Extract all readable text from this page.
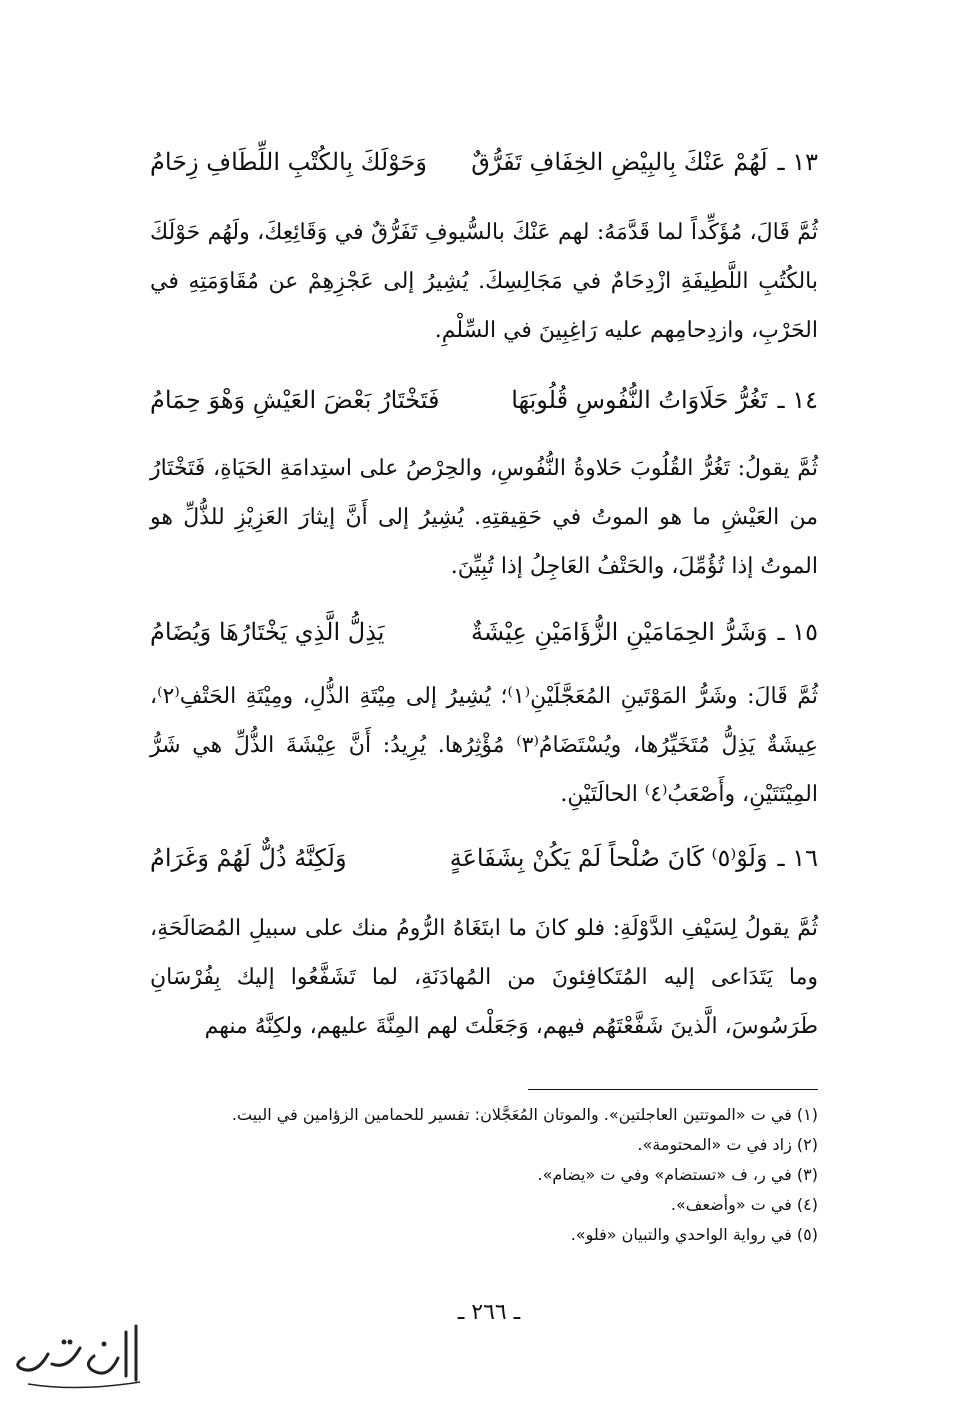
١٣ ـ
لَهُمْ عَنْكَ بِالبِيْضِ الخِفَافِ تَفَرُّقٌ
وَحَوْلَكَ بِالكُتْبِ اللِّطَافِ زِحَامُ

ثُمَّ قَالَ، مُؤَكِّداً لما قَدَّمَهُ: لهم عَنْكَ بالسُّيوفِ تَفَرُّقٌ في وَقَائِعِكَ، ولَهُم حَوْلَكَ بالكُتُبِ اللَّطِيفَةِ ازْدِحَامٌ في مَجَالِسِكَ. يُشِيرُ إلى عَجْزِهِمْ عن مُقَاوَمَتِهِ في الحَرْبِ، وازدِحامِهم عليه رَاغِبِينَ في السِّلْمِ.

١٤ ـ
تَغُرُّ حَلَاوَاتُ النُّفُوسِ قُلُوبَهَا
فَتَخْتَارُ بَعْضَ العَيْشِ وَهْوَ حِمَامُ

ثُمَّ يقولُ: تَغُرُّ القُلُوبَ حَلاوةُ النُّفُوسِ، والحِرْصُ على استِدامَةِ الحَيَاةِ، فَتَخْتَارُ من العَيْشِ ما هو الموتُ في حَقِيقتِهِ. يُشِيرُ إلى أَنَّ إيثارَ العَزِيْزِ للذُّلِّ هو الموتُ إذا تُؤُمِّلَ، والحَتْفُ العَاجِلُ إذا تُبِيِّنَ.

١٥ ـ
وَشَرُّ الحِمَامَيْنِ الزُّؤَامَيْنِ عِيْشَةٌ
يَذِلُّ الَّذِي يَخْتَارُهَا وَيُضَامُ

ثُمَّ قَالَ: وشَرُّ المَوْتَينِ المُعَجَّلَيْنِ⁽١⁾؛ يُشِيرُ إلى مِيْتَةِ الذُّلِ، ومِيْتَةِ الحَتْفِ⁽٢⁾، عِيشَةٌ يَذِلُّ مُتَخَيِّرُها، ويُسْتَضَامُ⁽٣⁾ مُؤْثِرُها. يُرِيدُ: أَنَّ عِيْشَةَ الذُّلِّ هي شَرُّ المِيْتَتَيْنِ، وأَصْعَبُ⁽٤⁾ الحالَتَيْنِ.

١٦ ـ
وَلَوْ⁽٥⁾ كَانَ صُلْحاً لَمْ يَكُنْ بِشَفَاعَةٍ
وَلَكِنَّهُ ذُلٌّ لَهُمْ وَغَرَامُ

ثُمَّ يقولُ لِسَيْفِ الدَّوْلَةِ: فلو كانَ ما ابتَغَاهُ الرُّومُ منك على سبيلِ المُصَالَحَةِ، وما يَتَدَاعى إليه المُتَكافِئونَ من المُهادَنَةِ، لما تَشَفَّعُوا إليك بِفُرْسَانِ طَرَسُوسَ، الَّذينَ شَفَّعْتَهُم فيهم، وَجَعَلْتَ لهم المِنَّةَ عليهم، ولكِنَّهُ منهم

(١) في ت «الموتتين العاجلتين». والموتان المُعَجَّلان: تفسير للحمامين الزؤامين في البيت.
(٢) زاد في ت «المحتومة».
(٣) في ر، ف «تستضام» وفي ت «يضام».
(٤) في ت «وأضعف».
(٥) في رواية الواحدي والتبيان «فلو».
ـ ٢٦٦ ـ
